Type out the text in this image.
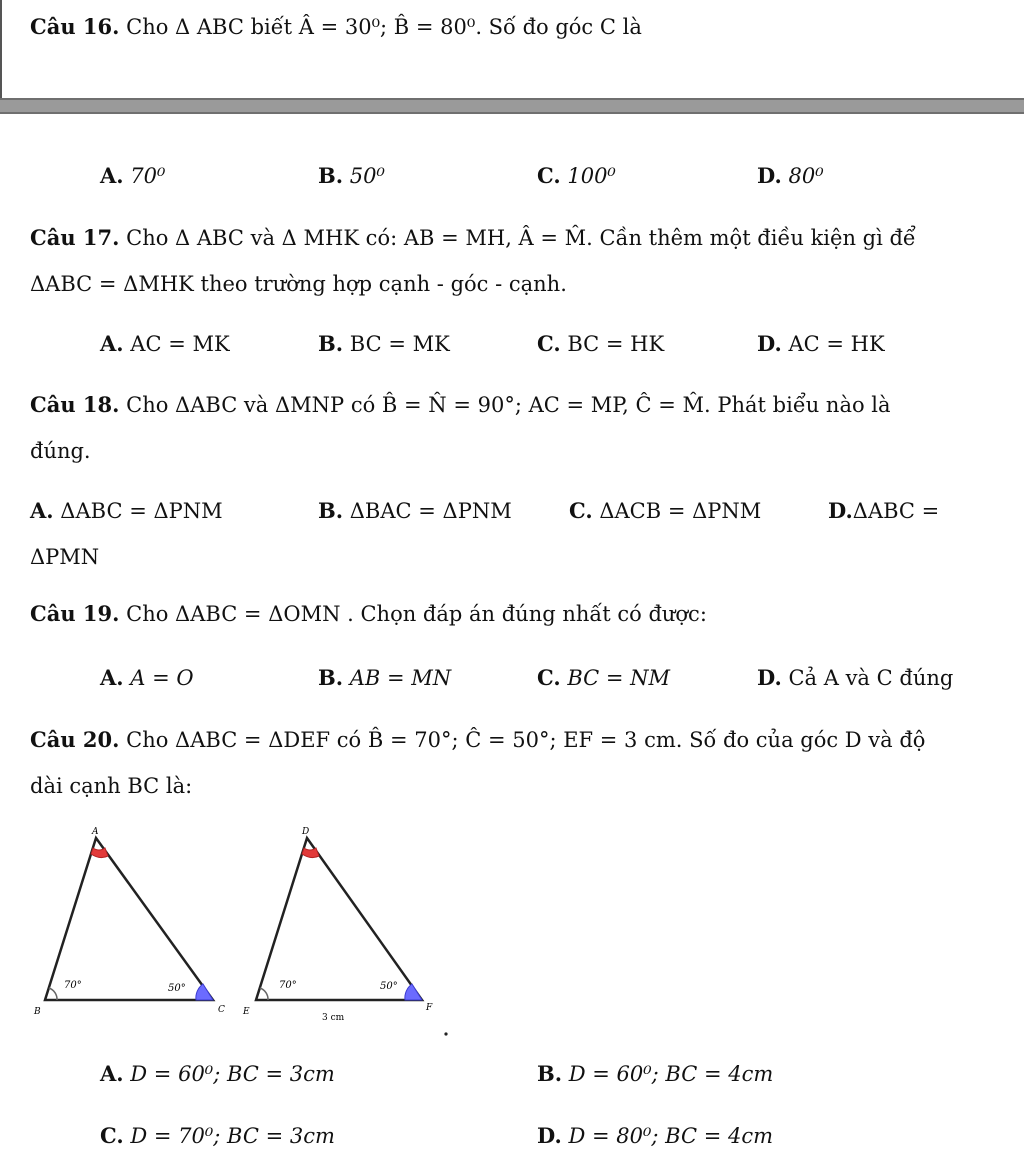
Câu 16. Cho Δ ABC biết Â = 30⁰; B̂ = 80⁰. Số đo góc C là
A. 70⁰	B. 50⁰	C. 100⁰	D. 80⁰
Câu 17. Cho Δ ABC và Δ MHK có: AB = MH, Â = M̂. Cần thêm một điều kiện gì để
ΔABC = ΔMHK theo trường hợp cạnh - góc - cạnh.
A. AC = MK	B. BC = MK	C. BC = HK	D. AC = HK
Câu 18. Cho ΔABC và ΔMNP có B̂ = N̂ = 90°; AC = MP, Ĉ = M̂. Phát biểu nào là
đúng.
A. ΔABC = ΔPNM	B. ΔBAC = ΔPNM	C. ΔACB = ΔPNM	D.ΔABC =
ΔPMN
Câu 19. Cho ΔABC = ΔOMN . Chọn đáp án đúng nhất có được:
A. A = O	B. AB = MN	C. BC = NM	D. Cả A và C đúng
Câu 20. Cho ΔABC = ΔDEF có B̂ = 70°; Ĉ = 50°; EF = 3 cm. Số đo của góc D và độ
dài cạnh BC là:
A
B	C
70°	50°
D
E	F
70°	50°
3 cm
A. D = 60⁰; BC = 3cm	B. D = 60⁰; BC = 4cm
C. D = 70⁰; BC = 3cm	D. D = 80⁰; BC = 4cm
